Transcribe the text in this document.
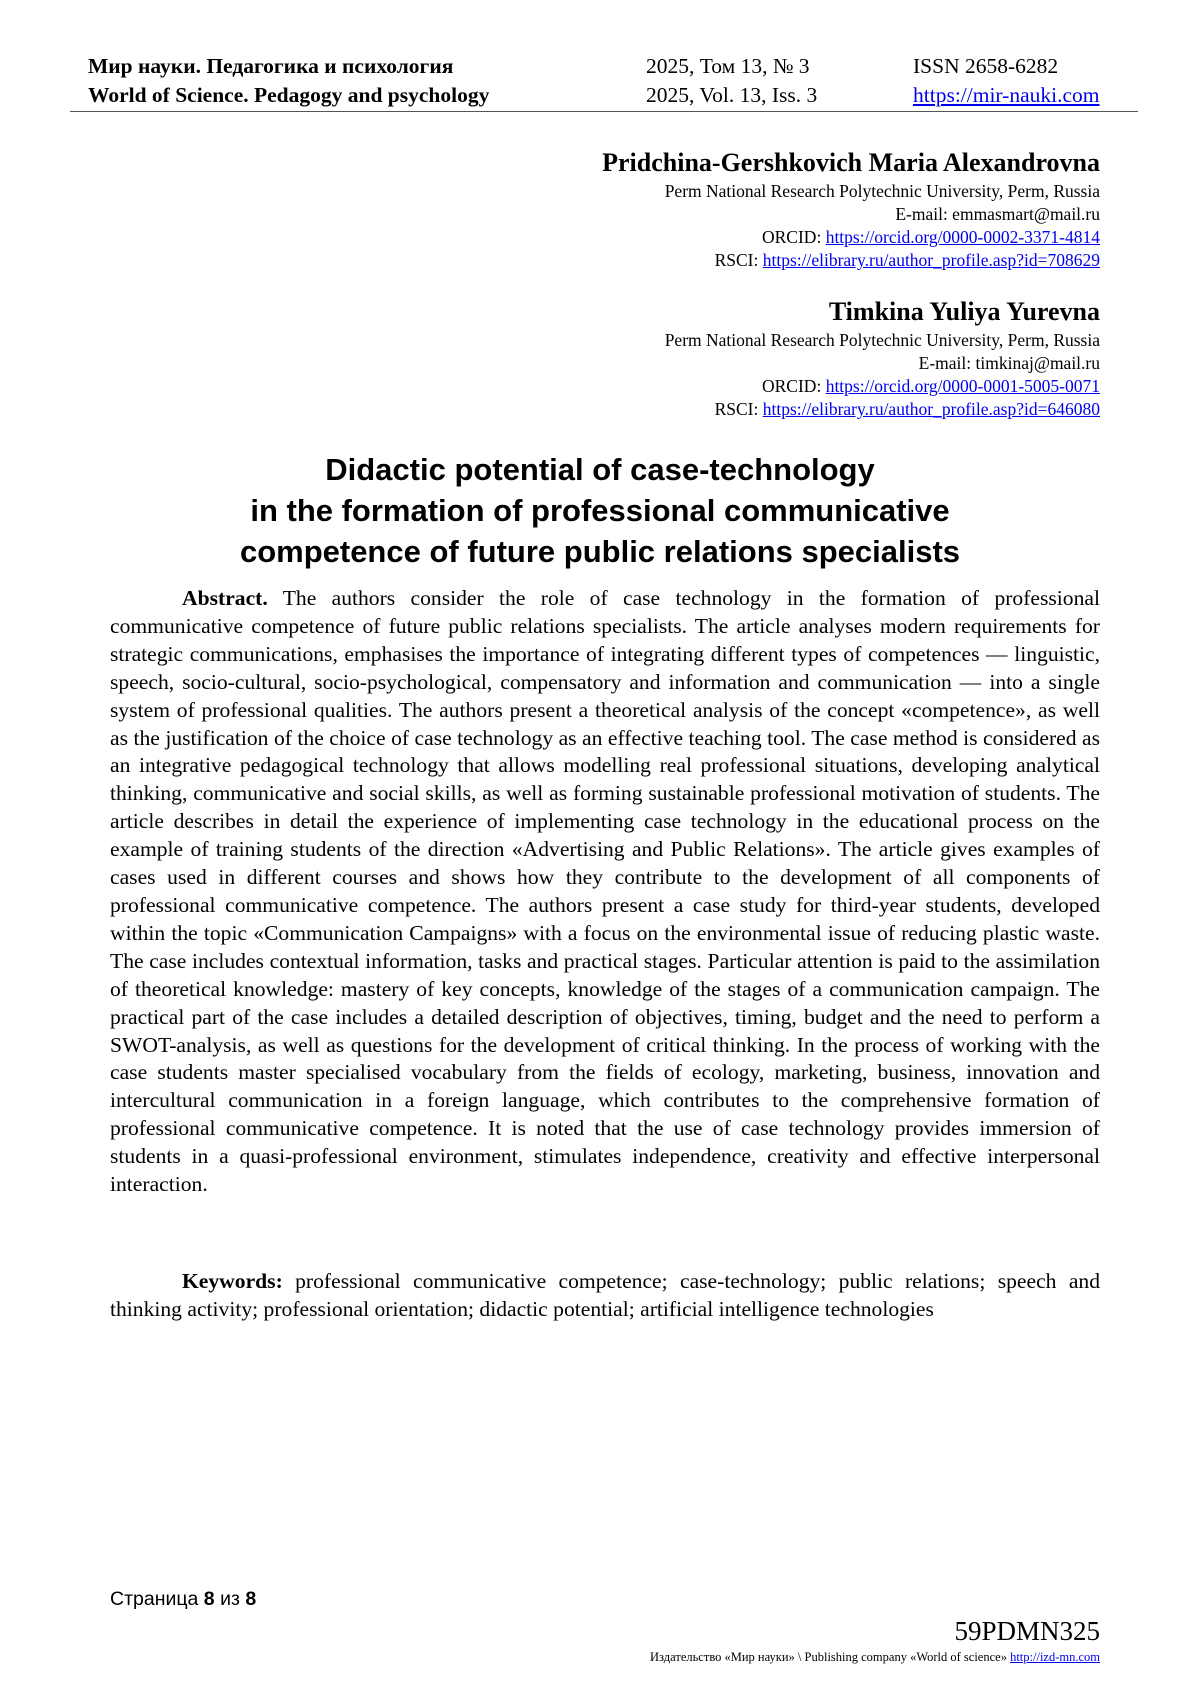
Мир науки. Педагогика и психология	2025, Том 13, № 3	ISSN 2658-6282
World of Science. Pedagogy and psychology	2025, Vol. 13, Iss. 3	https://mir-nauki.com
Pridchina-Gershkovich Maria Alexandrovna
Perm National Research Polytechnic University, Perm, Russia
E-mail: emmasmart@mail.ru
ORCID: https://orcid.org/0000-0002-3371-4814
RSCI: https://elibrary.ru/author_profile.asp?id=708629
Timkina Yuliya Yurevna
Perm National Research Polytechnic University, Perm, Russia
E-mail: timkinaj@mail.ru
ORCID: https://orcid.org/0000-0001-5005-0071
RSCI: https://elibrary.ru/author_profile.asp?id=646080
Didactic potential of case-technology
in the formation of professional communicative
competence of future public relations specialists
Abstract. The authors consider the role of case technology in the formation of professional communicative competence of future public relations specialists. The article analyses modern requirements for strategic communications, emphasises the importance of integrating different types of competences — linguistic, speech, socio-cultural, socio-psychological, compensatory and information and communication — into a single system of professional qualities. The authors present a theoretical analysis of the concept «competence», as well as the justification of the choice of case technology as an effective teaching tool. The case method is considered as an integrative pedagogical technology that allows modelling real professional situations, developing analytical thinking, communicative and social skills, as well as forming sustainable professional motivation of students. The article describes in detail the experience of implementing case technology in the educational process on the example of training students of the direction «Advertising and Public Relations». The article gives examples of cases used in different courses and shows how they contribute to the development of all components of professional communicative competence. The authors present a case study for third-year students, developed within the topic «Communication Campaigns» with a focus on the environmental issue of reducing plastic waste. The case includes contextual information, tasks and practical stages. Particular attention is paid to the assimilation of theoretical knowledge: mastery of key concepts, knowledge of the stages of a communication campaign. The practical part of the case includes a detailed description of objectives, timing, budget and the need to perform a SWOT-analysis, as well as questions for the development of critical thinking. In the process of working with the case students master specialised vocabulary from the fields of ecology, marketing, business, innovation and intercultural communication in a foreign language, which contributes to the comprehensive formation of professional communicative competence. It is noted that the use of case technology provides immersion of students in a quasi-professional environment, stimulates independence, creativity and effective interpersonal interaction.
Keywords: professional communicative competence; case-technology; public relations; speech and thinking activity; professional orientation; didactic potential; artificial intelligence technologies
Страница 8 из 8
59PDMN325
Издательство «Мир науки» \ Publishing company «World of science» http://izd-mn.com
